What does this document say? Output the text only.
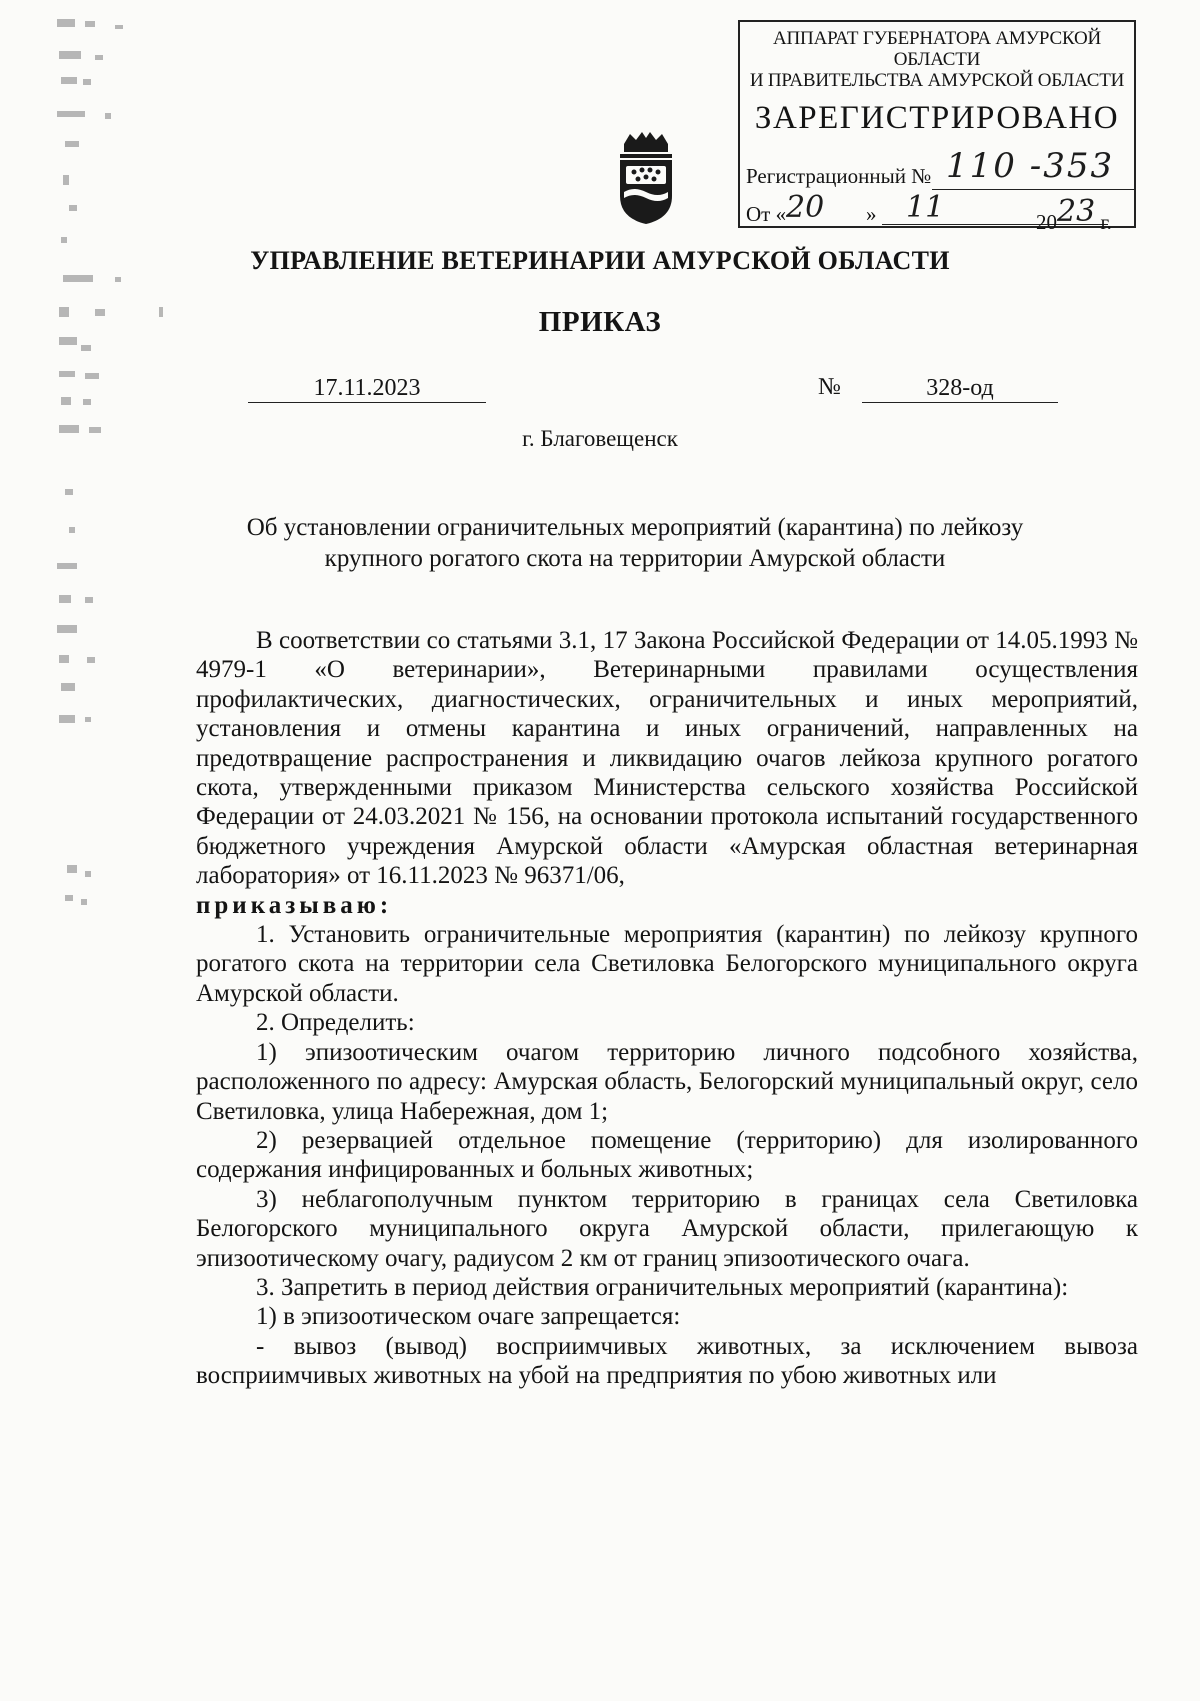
АППАРАТ ГУБЕРНАТОРА АМУРСКОЙ ОБЛАСТИ
И ПРАВИТЕЛЬСТВА АМУРСКОЙ ОБЛАСТИ
ЗАРЕГИСТРИРОВАНО
Регистрационный № 110 -353
От « 20 » 11	2023 г.
УПРАВЛЕНИЕ ВЕТЕРИНАРИИ АМУРСКОЙ ОБЛАСТИ
ПРИКАЗ
17.11.2023	№	328-од
г. Благовещенск
Об установлении ограничительных мероприятий (карантина) по лейкозу
крупного рогатого скота на территории Амурской области

В соответствии со статьями 3.1, 17 Закона Российской Федерации от 14.05.1993 № 4979-1 «О ветеринарии», Ветеринарными правилами осуществления профилактических, диагностических, ограничительных и иных мероприятий, установления и отмены карантина и иных ограничений, направленных на предотвращение распространения и ликвидацию очагов лейкоза крупного рогатого скота, утвержденными приказом Министерства сельского хозяйства Российской Федерации от 24.03.2021 № 156, на основании протокола испытаний государственного бюджетного учреждения Амурской области «Амурская областная ветеринарная лаборатория» от 16.11.2023 № 96371/06,

приказываю:

1. Установить ограничительные мероприятия (карантин) по лейкозу крупного рогатого скота на территории села Светиловка Белогорского муниципального округа Амурской области.

2. Определить:

1) эпизоотическим очагом территорию личного подсобного хозяйства, расположенного по адресу: Амурская область, Белогорский муниципальный округ, село Светиловка, улица Набережная, дом 1;

2) резервацией отдельное помещение (территорию) для изолированного содержания инфицированных и больных животных;

3) неблагополучным пунктом территорию в границах села Светиловка Белогорского муниципального округа Амурской области, прилегающую к эпизоотическому очагу, радиусом 2 км от границ эпизоотического очага.

3. Запретить в период действия ограничительных мероприятий (карантина):

1) в эпизоотическом очаге запрещается:

- вывоз (вывод) восприимчивых животных, за исключением вывоза восприимчивых животных на убой на предприятия по убою животных или
